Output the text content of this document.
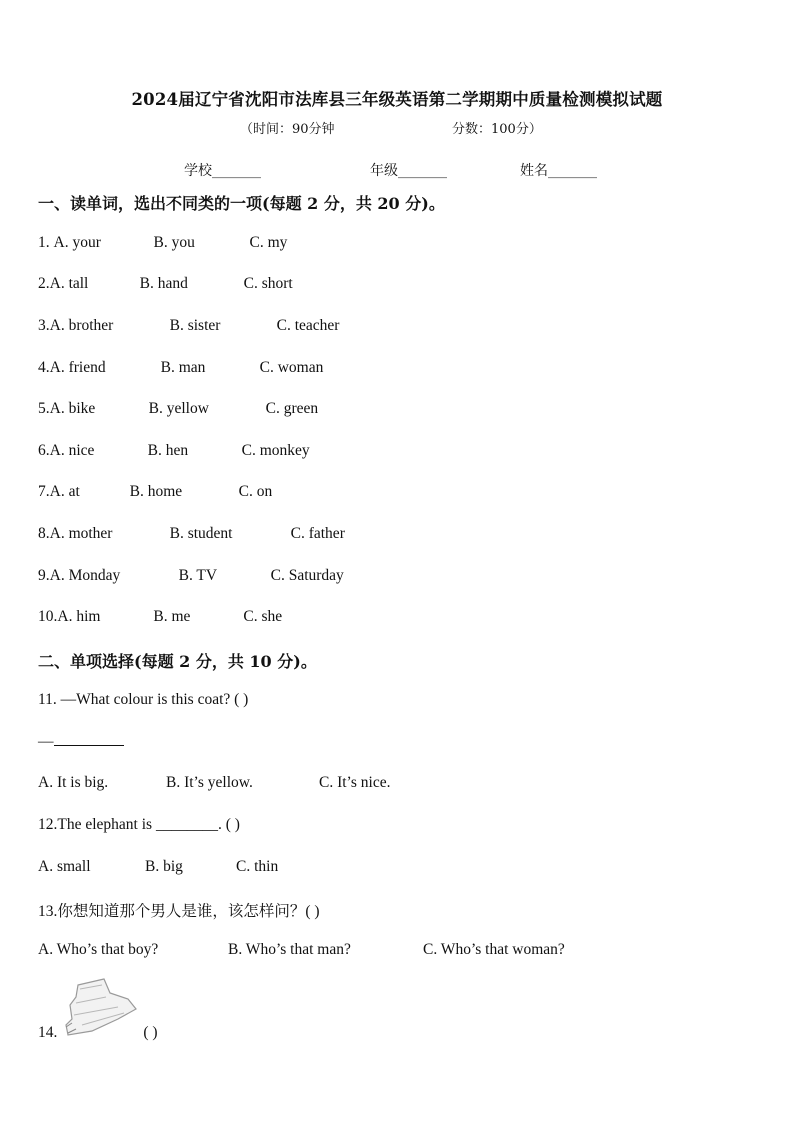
2024届辽宁省沈阳市法库县三年级英语第二学期期中质量检测模拟试题
（时间：90分钟	分数：100分）
学校_______	年级_______	姓名_______
一、读单词，选出不同类的一项(每题 2 分，共 20 分)。
1. A. your	B. you	C. my
2.A. tall	B. hand	C. short
3.A. brother	B. sister	C. teacher
4.A. friend	B. man	C. woman
5.A. bike	B. yellow	C. green
6.A. nice	B. hen	C. monkey
7.A. at	B. home	C. on
8.A. mother	B. student	C. father
9.A. Monday	B. TV	C. Saturday
10.A. him	B. me	C. she
二、单项选择(每题 2 分，共 10 分)。
11. —What colour is this coat? ( )
—
A. It is big.	B. It’s yellow.	C. It’s nice.
12.The elephant is ________. ( )
A. small	B. big	C. thin
13.你想知道那个男人是谁，该怎样问？( )
A. Who’s that boy?	B. Who’s that man?	C. Who’s that woman?
14.	( )
